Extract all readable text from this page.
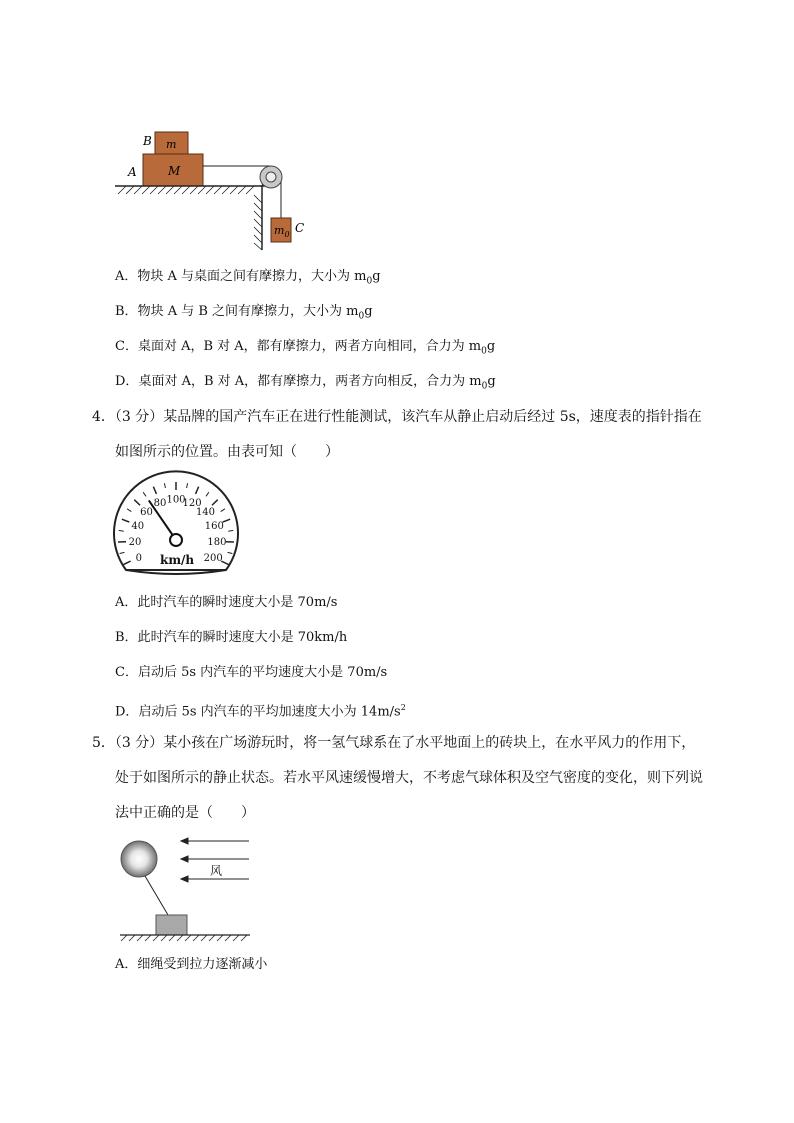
B m
A	M
$m_0$ C
A．物块 A 与桌面之间有摩擦力，大小为 $m_0g$
B．物块 A 与 B 之间有摩擦力，大小为 $m_0g$
C．桌面对 A，B 对 A，都有摩擦力，两者方向相同，合力为 $m_0g$
D．桌面对 A，B 对 A，都有摩擦力，两者方向相反，合力为 $m_0g$
4．（3 分）某品牌的国产汽车正在进行性能测试，该汽车从静止启动后经过 5s，速度表的指针指在
如图所示的位置。由表可知（　　）
0
20
40
60
80 100
120
140
160
180
200
km/h
A．此时汽车的瞬时速度大小是 70m/s
B．此时汽车的瞬时速度大小是 70km/h
C．启动后 5s 内汽车的平均速度大小是 70m/s
D．启动后 5s 内汽车的平均加速度大小为 $14m/s^2$
5．（3 分）某小孩在广场游玩时，将一氢气球系在了水平地面上的砖块上，在水平风力的作用下，
处于如图所示的静止状态。若水平风速缓慢增大，不考虑气球体积及空气密度的变化，则下列说
法中正确的是（　　）
风
A．细绳受到拉力逐渐减小
